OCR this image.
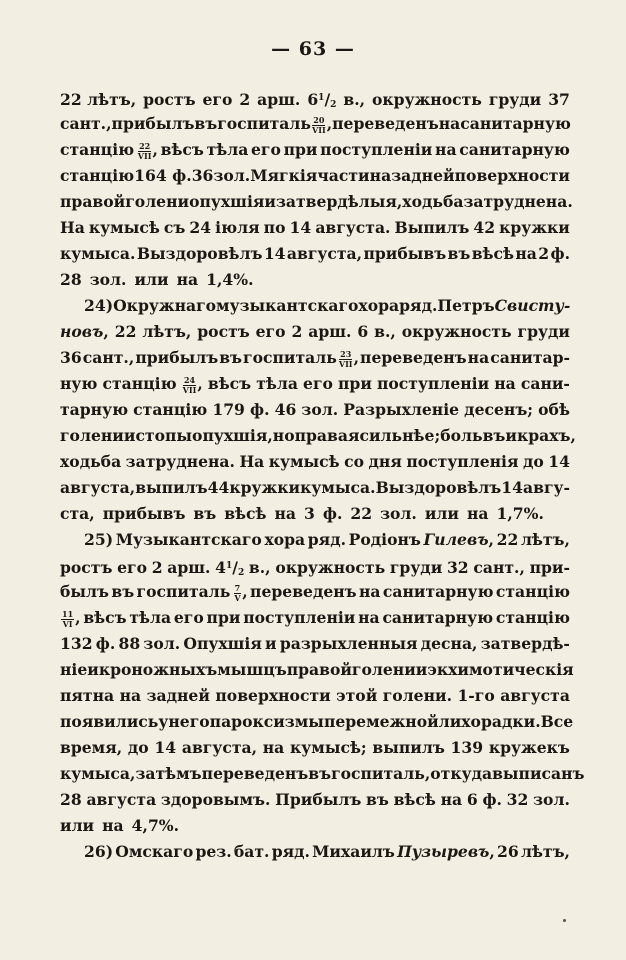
— 63 —
22 лѣтъ, ростъ его 2 арш. $6^1/_2$ в., окружность груди 37
сант., прибылъ въ госпиталь $\frac{20}{\text{VII}}$ , переведенъ на санитарную
станцію $\frac{22}{\text{VII}}$ , вѣсъ тѣла его при поступленіи на санитарную
станцію 164 ф. 36 зол. Мягкія части на задней поверхности
правой голени опухшія и затвердѣлыя, ходьба затруднена.
На кумысѣ съ 24 іюля по 14 августа. Выпилъ 42 кружки
кумыса. Выздоровѣлъ 14 августа, прибывъ въ вѣсѣ на 2 ф.
28 зол. или на 1,4%.
24) Окружнаго музыкантскаго хора ряд. Петръ Свисту-
новъ, 22 лѣтъ, ростъ его 2 арш. 6 в., окружность груди
36 сант., прибылъ въ госпиталь $\frac{23}{\text{VII}}$ , переведенъ на санитар-
ную станцію $\frac{24}{\text{VII}}$ , вѣсъ тѣла его при поступленіи на сани-
тарную станцію 179 ф. 46 зол. Разрыхленіе десенъ; обѣ
голени и стопы опухшія, но правая сильнѣе; боль въ икрахъ,
ходьба затруднена. На кумысѣ со дня поступленія до 14
августа, выпилъ 44 кружки кумыса. Выздоровѣлъ 14 авгу-
ста, прибывъ въ вѣсѣ на 3 ф. 22 зол. или на 1,7%.
25) Музыкантскаго хора ряд. Родіонъ Гилевъ, 22 лѣтъ,
ростъ его 2 арш. $4^1/_2$ в., окружность груди 32 сант., при-
былъ въ госпиталь $\frac{7}{V}$ , переведенъ на санитарную станцію
$\frac{11}{VI}$ , вѣсъ тѣла его при поступленіи на санитарную станцію
132 ф. 88 зол. Опухшія и разрыхленныя десна, затвердѣ-
ніе икроножныхъ мышцъ правой голени и экхимотическія
пятна на задней поверхности этой голени. 1-го августа
появились у него пароксизмы перемежной лихорадки. Все
время, до 14 августа, на кумысѣ; выпилъ 139 кружекъ
кумыса, затѣмъ переведенъ въ госпиталь, откуда выписанъ
28 августа здоровымъ. Прибылъ въ вѣсѣ на 6 ф. 32 зол.
или на 4,7%.
26) Омскаго рез. бат. ряд. Михаилъ Пузыревъ, 26 лѣтъ,
